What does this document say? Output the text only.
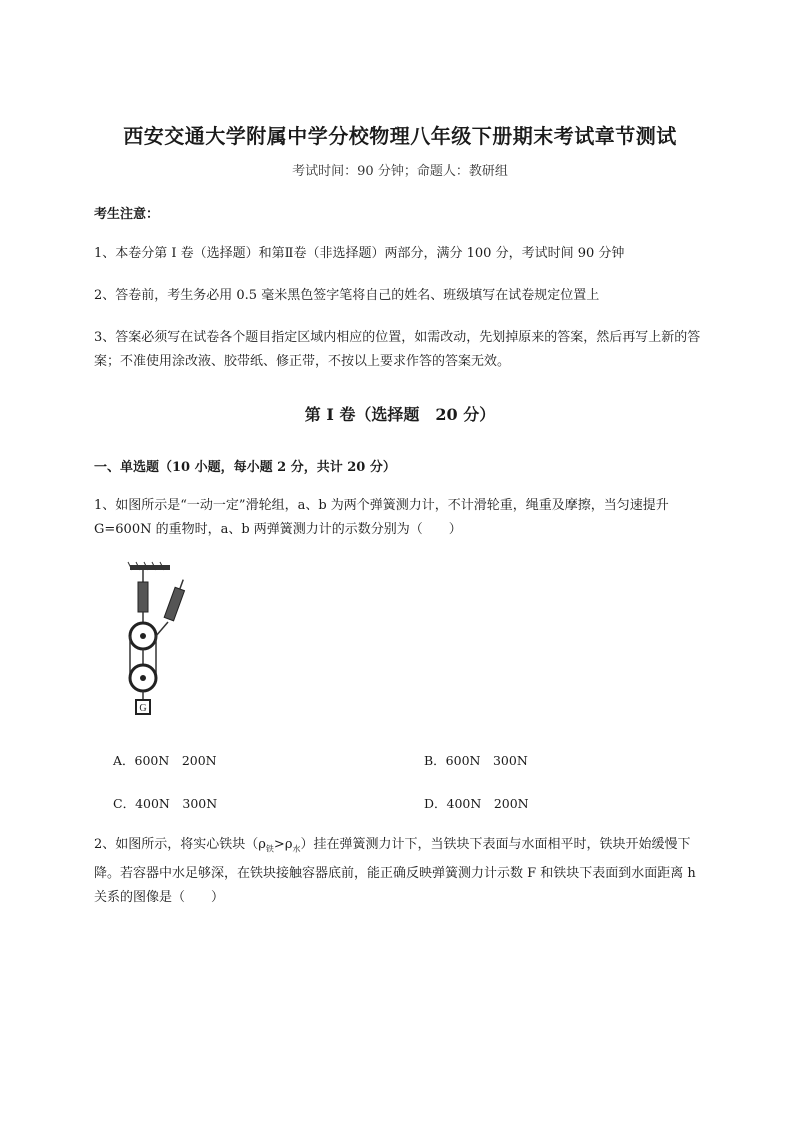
西安交通大学附属中学分校物理八年级下册期末考试章节测试
考试时间：90 分钟；命题人：教研组
考生注意：
1、本卷分第 I 卷（选择题）和第Ⅱ卷（非选择题）两部分，满分 100 分，考试时间 90 分钟
2、答卷前，考生务必用 0.5 毫米黑色签字笔将自己的姓名、班级填写在试卷规定位置上
3、答案必须写在试卷各个题目指定区域内相应的位置，如需改动，先划掉原来的答案，然后再写上新的答案；不准使用涂改液、胶带纸、修正带，不按以上要求作答的答案无效。
第 I 卷（选择题　20 分）
一、单选题（10 小题，每小题 2 分，共计 20 分）
1、如图所示是“一动一定”滑轮组，a、b 为两个弹簧测力计，不计滑轮重，绳重及摩擦，当匀速提升 G=600N 的重物时，a、b 两弹簧测力计的示数分别为（　　）
G
A．600N　200N	B．600N　300N
C．400N　300N	D．400N　200N
2、如图所示，将实心铁块$(\rho_铁>\rho_水)$挂在弹簧测力计下，当铁块下表面与水面相平时，铁块开始缓慢下降。若容器中水足够深，在铁块接触容器底前，能正确反映弹簧测力计示数 F 和铁块下表面到水面距离 h 关系的图像是（　　）
